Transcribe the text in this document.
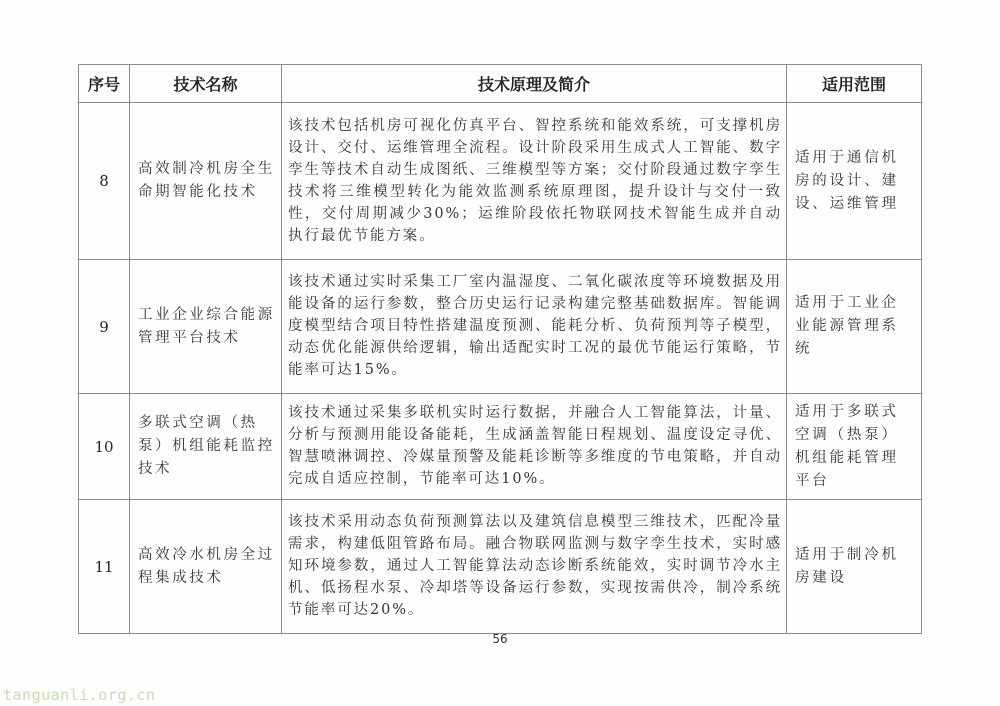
序号	技术名称	技术原理及简介	适用范围
8	高效制冷机房全生命期智能化技术	该技术包括机房可视化仿真平台、智控系统和能效系统，可支撑机房设计、交付、运维管理全流程。设计阶段采用生成式人工智能、数字孪生等技术自动生成图纸、三维模型等方案；交付阶段通过数字孪生技术将三维模型转化为能效监测系统原理图，提升设计与交付一致性，交付周期减少30%；运维阶段依托物联网技术智能生成并自动执行最优节能方案。	适用于通信机房的设计、建设、运维管理
9	工业企业综合能源管理平台技术	该技术通过实时采集工厂室内温湿度、二氧化碳浓度等环境数据及用能设备的运行参数，整合历史运行记录构建完整基础数据库。智能调度模型结合项目特性搭建温度预测、能耗分析、负荷预判等子模型，动态优化能源供给逻辑，输出适配实时工况的最优节能运行策略，节能率可达15%。	适用于工业企业能源管理系统
10	多联式空调（热泵）机组能耗监控技术	该技术通过采集多联机实时运行数据，并融合人工智能算法，计量、分析与预测用能设备能耗，生成涵盖智能日程规划、温度设定寻优、智慧喷淋调控、冷媒量预警及能耗诊断等多维度的节电策略，并自动完成自适应控制，节能率可达10%。	适用于多联式空调（热泵）机组能耗管理平台
11	高效冷水机房全过程集成技术	该技术采用动态负荷预测算法以及建筑信息模型三维技术，匹配冷量需求，构建低阻管路布局。融合物联网监测与数字孪生技术，实时感知环境参数，通过人工智能算法动态诊断系统能效，实时调节冷水主机、低扬程水泵、冷却塔等设备运行参数，实现按需供冷，制冷系统节能率可达20%。	适用于制冷机房建设
56
tanguanli.org.cn
